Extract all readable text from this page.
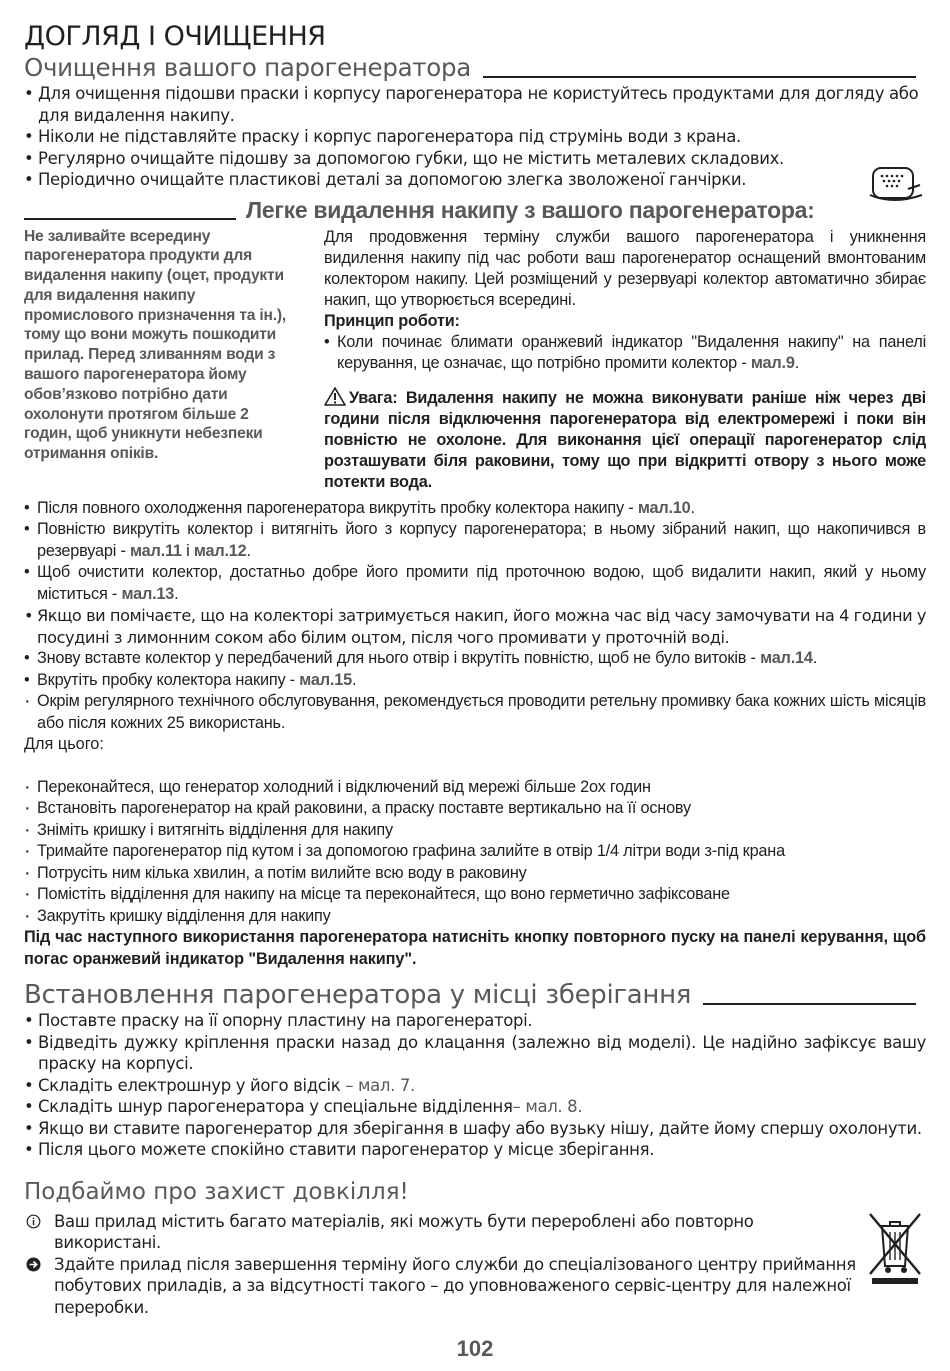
ДОГЛЯД І ОЧИЩЕННЯ
Очищення вашого парогенератора
• Для очищення підошви праски і корпусу парогенератора не користуйтесь продуктами для догляду або для видалення накипу.
• Ніколи не підставляйте праску і корпус парогенератора під струмінь води з крана.
• Регулярно очищайте підошву за допомогою губки, що не містить металевих складових.
• Періодично очищайте пластикові деталі за допомогою злегка зволоженої ганчірки.
Легке видалення накипу з вашого парогенератора:
Не заливайте всередину парогенератора продукти для видалення накипу (оцет, продукти для видалення накипу промислового призначення та ін.), тому що вони можуть пошкодити прилад. Перед зливанням води з вашого парогенератора йому обов’язково потрібно дати охолонути протягом більше 2 годин, щоб уникнути небезпеки отримання опіків.

Для продовження терміну служби вашого парогенератора і уникнення видилення накипу під час роботи ваш парогенератор оснащений вмонтованим колектором накипу. Цей розміщений у резервуарі колектор автоматично збирає накип, що утворюється всередині.

Принцип роботи:

• Коли починає блимати оранжевий індикатор "Видалення накипу" на панелі керування, це означає, що потрібно промити колектор - мал.9.
Увага: Видалення накипу не можна виконувати раніше ніж через дві години після відключення парогенератора від електромережі і поки він повністю не охолоне. Для виконання цієї операції парогенератор слід розташувати біля раковини, тому що при відкритті отвору з нього може потекти вода.
• Після повного охолодження парогенератора викрутіть пробку колектора накипу - мал.10.
• Повністю викрутіть колектор і витягніть його з корпусу парогенератора; в ньому зібраний накип, що накопичився в резервуарі - мал.11 і мал.12.
• Щоб очистити колектор, достатньо добре його промити під проточною водою, щоб видалити накип, який у ньому міститься - мал.13.
• Якщо ви помічаєте, що на колекторі затримується накип, його можна час від часу замочувати на 4 години у посудині з лимонним соком або білим оцтом, після чого промивати у проточній воді.
• Знову вставте колектор у передбачений для нього отвір і вкрутіть повністю, щоб не було витоків - мал.14.
• Вкрутіть пробку колектора накипу - мал.15.
· Окрім регулярного технічного обслуговування, рекомендується проводити ретельну промивку бака кожних шість місяців або після кожних 25 використань.

Для цього:

· Переконайтеся, що генератор холодний і відключений від мережі більше 2ох годин
· Встановіть парогенератор на край раковини, а праску поставте вертикально на її основу
· Зніміть кришку і витягніть відділення для накипу
· Тримайте парогенератор під кутом і за допомогою графина залийте в отвір 1/4 літри води з-під крана
· Потрусіть ним кілька хвилин, а потім вилийте всю воду в раковину
· Помістіть відділення для накипу на місце та переконайтеся, що воно герметично зафіксоване
· Закрутіть кришку відділення для накипу

Під час наступного використання парогенератора натисніть кнопку повторного пуску на панелі керування, щоб погас оранжевий індикатор "Видалення накипу".

Встановлення парогенератора у місці зберігання
• Поставте праску на її опорну пластину на парогенераторі.
• Відведіть дужку кріплення праски назад до клацання (залежно від моделі). Це надійно зафіксує вашу праску на корпусі.
• Складіть електрошнур у його відсік – мал. 7.
• Складіть шнур парогенератора у спеціальне відділення– мал. 8.
• Якщо ви ставите парогенератор для зберігання в шафу або вузьку нішу, дайте йому спершу охолонути.
• Після цього можете спокійно ставити парогенератор у місце зберігання.
Подбаймо про захист довкілля!
Ваш прилад містить багато матеріалів, які можуть бути перероблені або повторно використані.
Здайте прилад після завершення терміну його служби до спеціалізованого центру приймання побутових приладів, а за відсутності такого – до уповноваженого сервіс-центру для належної переробки.
102
